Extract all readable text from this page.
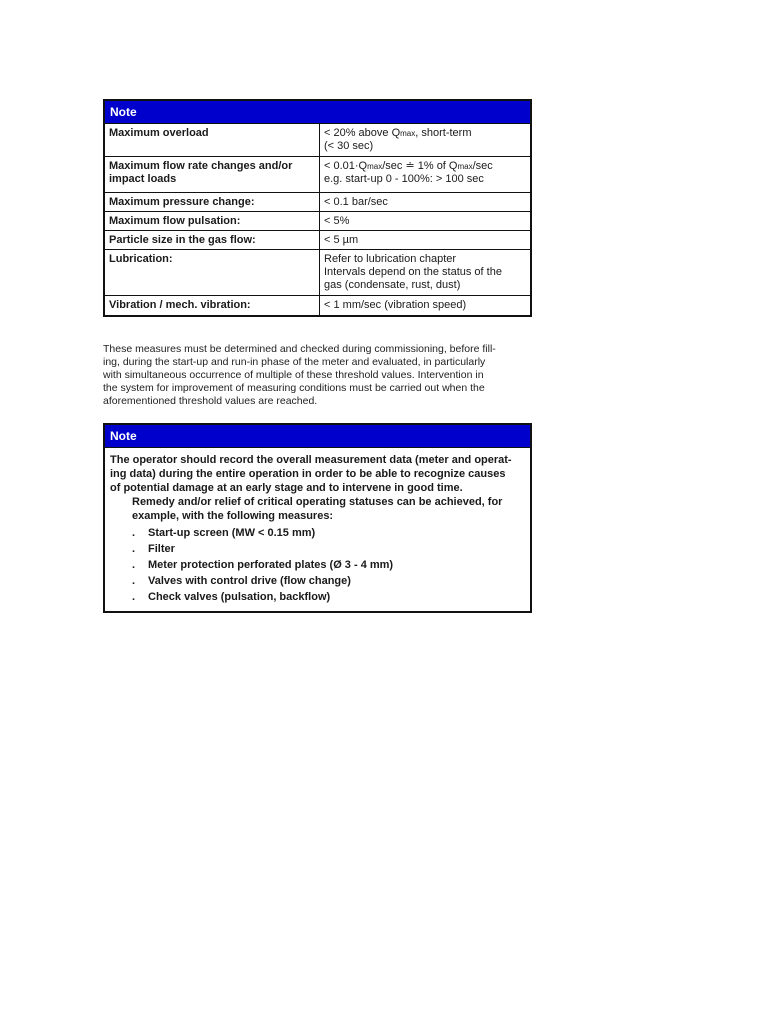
Note
Maximum overload	< 20% above Qmax, short-term
(< 30 sec)

Maximum flow rate changes and/or
impact loads	< 0.01·Qmax/sec ≐ 1% of Qmax/sec
e.g. start-up 0 - 100%: > 100 sec

Maximum pressure change:	< 0.1 bar/sec
Maximum flow pulsation:	< 5%
Particle size in the gas flow:	< 5 µm
Lubrication:	Refer to lubrication chapter
Intervals depend on the status of the
gas (condensate, rust, dust)

Vibration / mech. vibration:	< 1 mm/sec (vibration speed)
These measures must be determined and checked during commissioning, before fill-
ing, during the start-up and run-in phase of the meter and evaluated, in particularly
with simultaneous occurrence of multiple of these threshold values. Intervention in
the system for improvement of measuring conditions must be carried out when the
aforementioned threshold values are reached.
Note
The operator should record the overall measurement data (meter and operat-
ing data) during the entire operation in order to be able to recognize causes
of potential damage at an early stage and to intervene in good time.
Remedy and/or relief of critical operating statuses can be achieved, for
example, with the following measures:
. Start-up screen (MW < 0.15 mm)
. Filter
. Meter protection perforated plates (Ø 3 - 4 mm)
. Valves with control drive (flow change)
. Check valves (pulsation, backflow)
